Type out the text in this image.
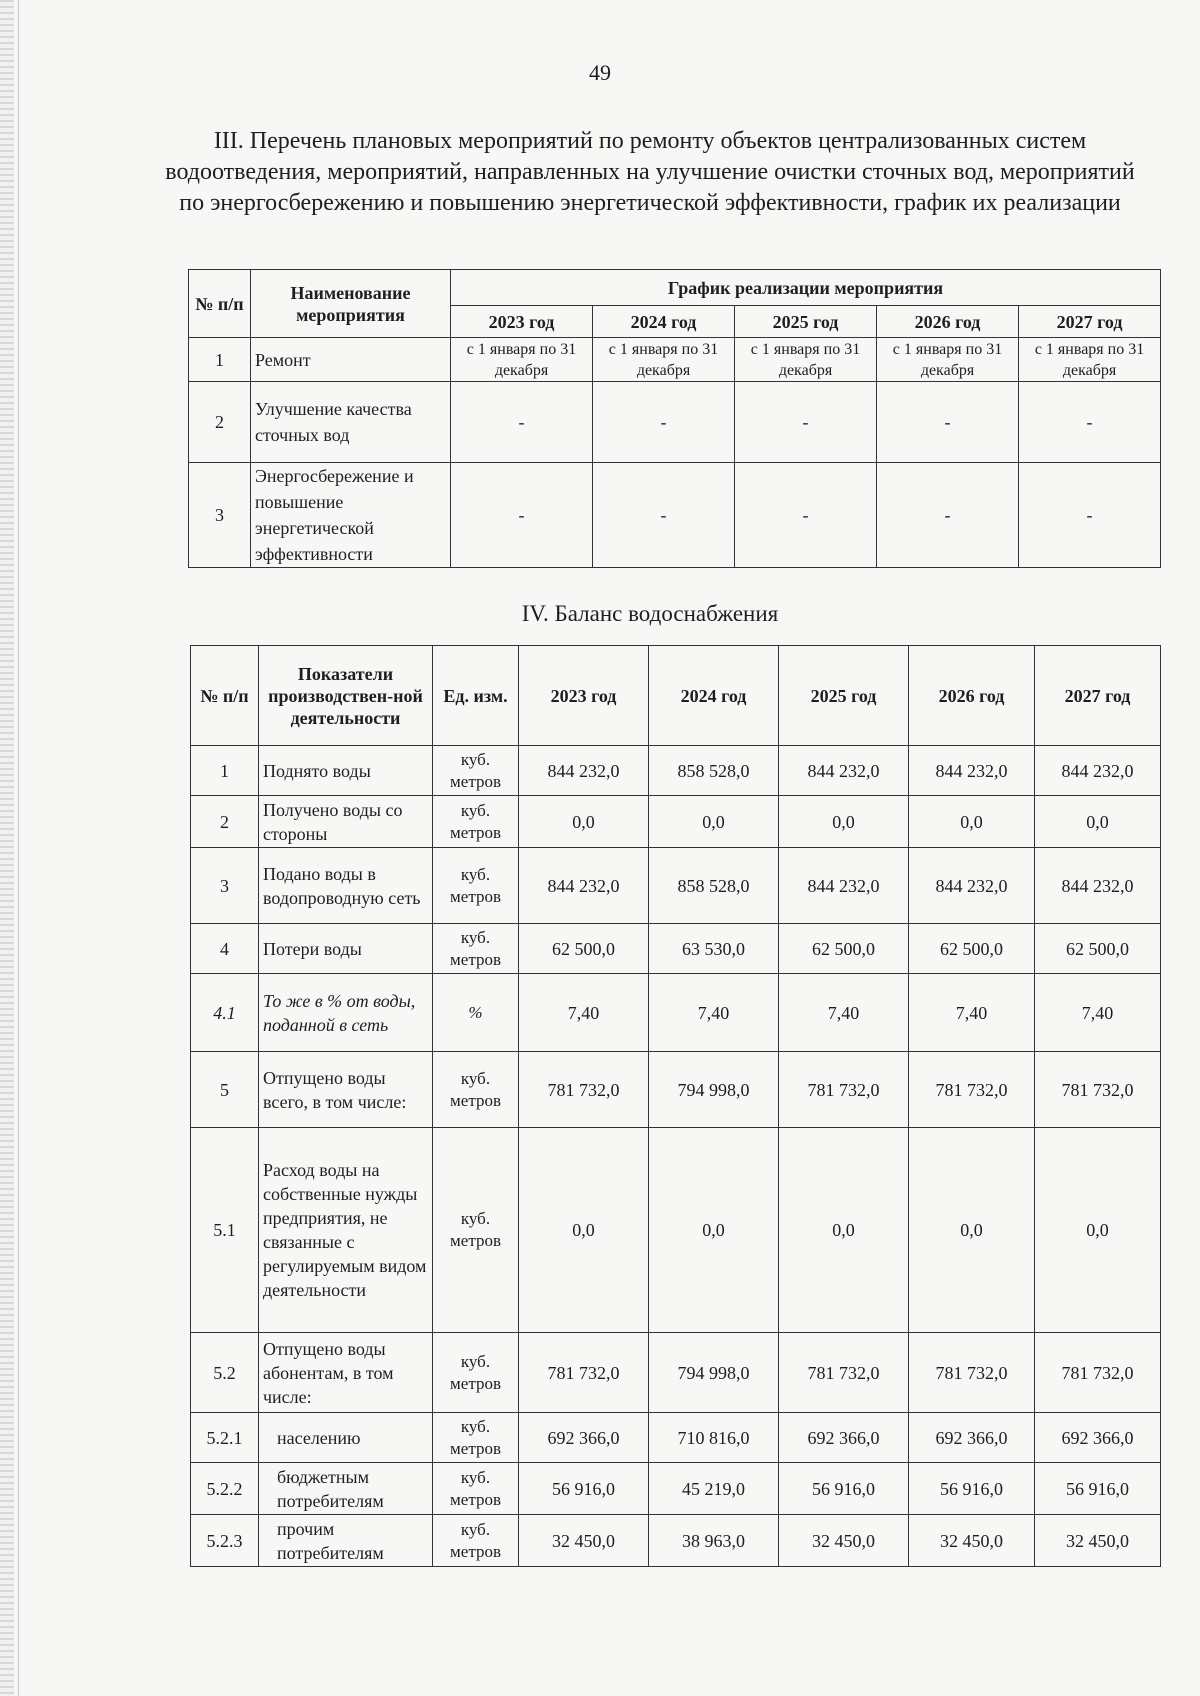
49
III. Перечень плановых мероприятий по ремонту объектов централизованных систем водоотведения, мероприятий, направленных на улучшение очистки сточных вод, мероприятий по энергосбережению и повышению энергетической эффективности, график их реализации
№ п/п	Наименование мероприятия	График реализации мероприятия				
		2023 год	2024 год	2025 год	2026 год	2027 год
1	Ремонт	с 1 января по 31 декабря	с 1 января по 31 декабря	с 1 января по 31 декабря	с 1 января по 31 декабря	с 1 января по 31 декабря
2	Улучшение качества сточных вод	-	-	-	-	-
3	Энергосбережение и повышение энергетической эффективности	-	-	-	-	-
IV. Баланс водоснабжения
№ п/п	Показатели производствен-ной деятельности	Ед. изм.	2023 год	2024 год	2025 год	2026 год	2027 год
1	Поднято воды	куб. метров	844 232,0	858 528,0	844 232,0	844 232,0	844 232,0
2	Получено воды со стороны	куб. метров	0,0	0,0	0,0	0,0	0,0
3	Подано воды в водопроводную сеть	куб. метров	844 232,0	858 528,0	844 232,0	844 232,0	844 232,0
4	Потери воды	куб. метров	62 500,0	63 530,0	62 500,0	62 500,0	62 500,0
4.1	То же в % от воды, поданной в сеть	%	7,40	7,40	7,40	7,40	7,40
5	Отпущено воды всего, в том числе:	куб. метров	781 732,0	794 998,0	781 732,0	781 732,0	781 732,0
5.1	Расход воды на собственные нужды предприятия, не связанные с регулируемым видом деятельности	куб. метров	0,0	0,0	0,0	0,0	0,0
5.2	Отпущено воды абонентам, в том числе:	куб. метров	781 732,0	794 998,0	781 732,0	781 732,0	781 732,0
5.2.1	населению	куб. метров	692 366,0	710 816,0	692 366,0	692 366,0	692 366,0
5.2.2	бюджетным потребителям	куб. метров	56 916,0	45 219,0	56 916,0	56 916,0	56 916,0
5.2.3	прочим потребителям	куб. метров	32 450,0	38 963,0	32 450,0	32 450,0	32 450,0
